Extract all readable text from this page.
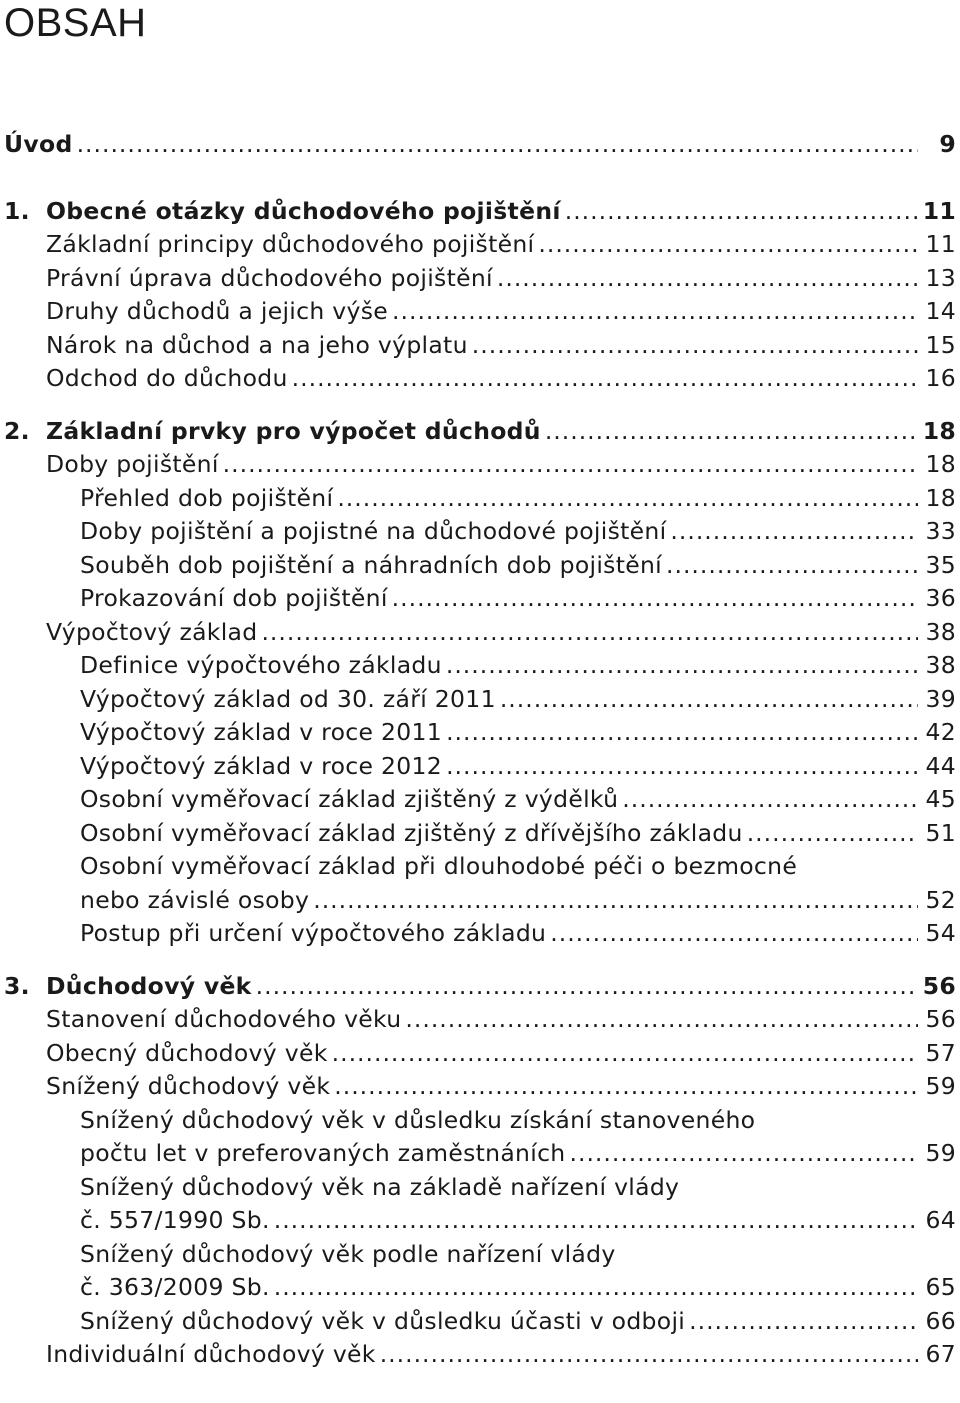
OBSAH
Úvod .....	9
1. Obecné otázky důchodového pojištění .....	11
Základní principy důchodového pojištění .....	11
Právní úprava důchodového pojištění .....	13
Druhy důchodů a jejich výše .....	14
Nárok na důchod a na jeho výplatu .....	15
Odchod do důchodu .....	16
2. Základní prvky pro výpočet důchodů .....	18
Doby pojištění .....	18
Přehled dob pojištění .....	18
Doby pojištění a pojistné na důchodové pojištění .....	33
Souběh dob pojištění a náhradních dob pojištění .....	35
Prokazování dob pojištění .....	36
Výpočtový základ .....	38
Definice výpočtového základu .....	38
Výpočtový základ od 30. září 2011 .....	39
Výpočtový základ v roce 2011 .....	42
Výpočtový základ v roce 2012 .....	44
Osobní vyměřovací základ zjištěný z výdělků .....	45
Osobní vyměřovací základ zjištěný z dřívějšího základu .....	51
Osobní vyměřovací základ při dlouhodobé péči o bezmocné
nebo závislé osoby .....	52
Postup při určení výpočtového základu .....	54
3. Důchodový věk .....	56
Stanovení důchodového věku .....	56
Obecný důchodový věk .....	57
Snížený důchodový věk .....	59
Snížený důchodový věk v důsledku získání stanoveného
počtu let v preferovaných zaměstnáních .....	59
Snížený důchodový věk na základě nařízení vlády
č. 557/1990 Sb. .....	64
Snížený důchodový věk podle nařízení vlády
č. 363/2009 Sb. .....	65
Snížený důchodový věk v důsledku účasti v odboji .....	66
Individuální důchodový věk .....	67
